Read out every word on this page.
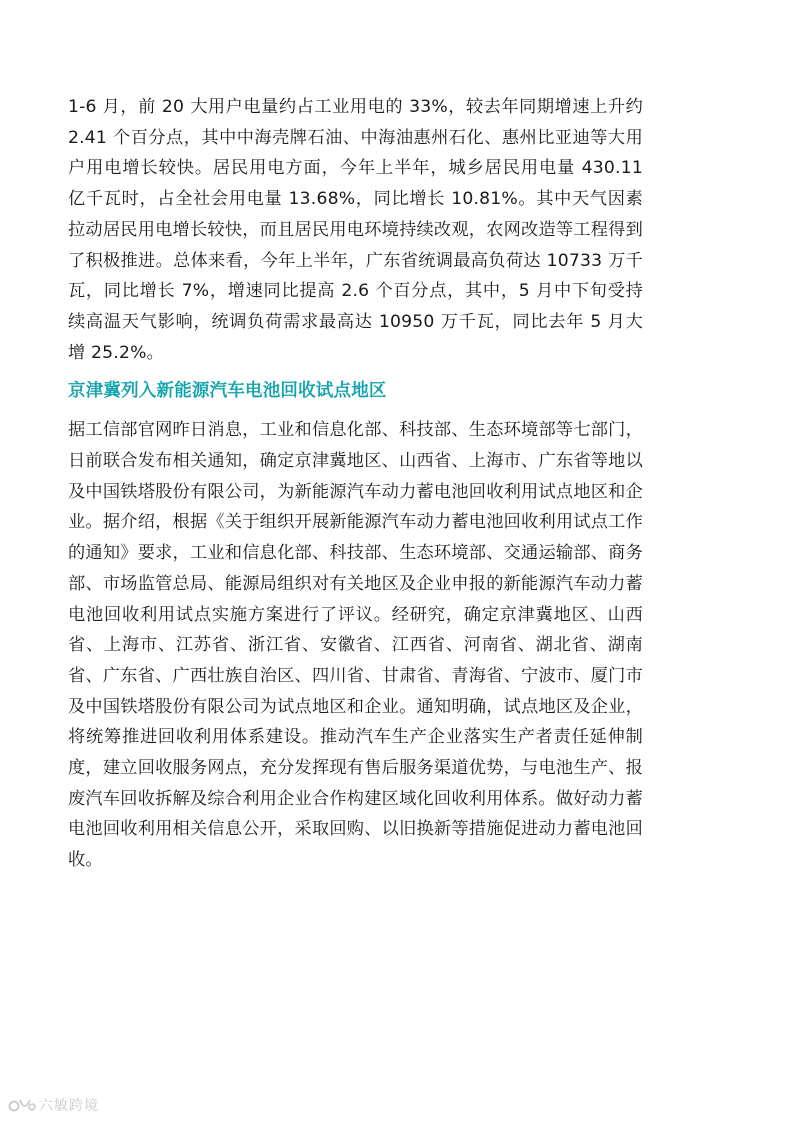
1-6 月，前 20 大用户电量约占工业用电的 33%，较去年同期增速上升约 2.41 个百分点，其中中海壳牌石油、中海油惠州石化、惠州比亚迪等大用户用电增长较快。居民用电方面，今年上半年，城乡居民用电量 430.11 亿千瓦时，占全社会用电量 13.68%，同比增长 10.81%。其中天气因素拉动居民用电增长较快，而且居民用电环境持续改观，农网改造等工程得到了积极推进。总体来看，今年上半年，广东省统调最高负荷达 10733 万千瓦，同比增长 7%，增速同比提高 2.6 个百分点，其中，5 月中下旬受持续高温天气影响，统调负荷需求最高达 10950 万千瓦，同比去年 5 月大增 25.2%。

京津冀列入新能源汽车电池回收试点地区

据工信部官网昨日消息，工业和信息化部、科技部、生态环境部等七部门，日前联合发布相关通知，确定京津冀地区、山西省、上海市、广东省等地以及中国铁塔股份有限公司，为新能源汽车动力蓄电池回收利用试点地区和企业。据介绍，根据《关于组织开展新能源汽车动力蓄电池回收利用试点工作的通知》要求，工业和信息化部、科技部、生态环境部、交通运输部、商务部、市场监管总局、能源局组织对有关地区及企业申报的新能源汽车动力蓄电池回收利用试点实施方案进行了评议。经研究，确定京津冀地区、山西省、上海市、江苏省、浙江省、安徽省、江西省、河南省、湖北省、湖南省、广东省、广西壮族自治区、四川省、甘肃省、青海省、宁波市、厦门市及中国铁塔股份有限公司为试点地区和企业。通知明确，试点地区及企业，将统筹推进回收利用体系建设。推动汽车生产企业落实生产者责任延伸制度，建立回收服务网点，充分发挥现有售后服务渠道优势，与电池生产、报废汽车回收拆解及综合利用企业合作构建区域化回收利用体系。做好动力蓄电池回收利用相关信息公开，采取回购、以旧换新等措施促进动力蓄电池回收。

六敏跨境
